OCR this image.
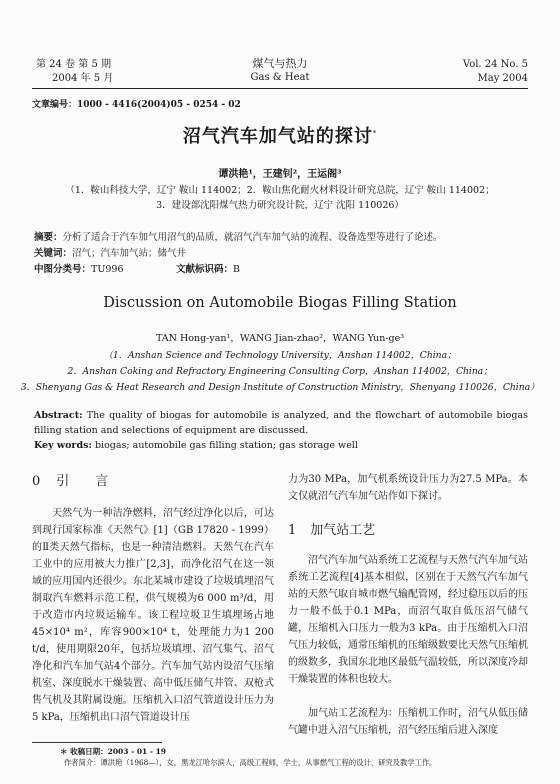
第 24 卷 第 5 期
2004 年 5 月
煤气与热力
Gas & Heat
Vol. 24 No. 5
May 2004
文章编号：1000 - 4416(2004)05 - 0254 - 02
沼气汽车加气站的探讨*
谭洪艳¹，王建钊²，王运阁³
（1．鞍山科技大学，辽宁 鞍山 114002；2．鞍山焦化耐火材料设计研究总院，辽宁 鞍山 114002；
3．建设部沈阳煤气热力研究设计院，辽宁 沈阳 110026）
摘要：分析了适合于汽车加气用沼气的品质，就沼气汽车加气站的流程、设备选型等进行了论述。
关键词：沼气；汽车加气站；储气井
中图分类号：TU996	文献标识码：B
Discussion on Automobile Biogas Filling Station
TAN Hong-yan¹，WANG Jian-zhao²，WANG Yun-ge³
（1．Anshan Science and Technology University，Anshan 114002，China；
2．Anshan Coking and Refractory Engineering Consulting Corp，Anshan 114002，China；
3．Shenyang Gas & Heat Research and Design Institute of Construction Ministry，Shenyang 110026，China）
Abstract: The quality of biogas for automobile is analyzed, and the flowchart of automobile biogas filling station and selections of equipment are discussed.
Key words: biogas; automobile gas filling station; gas storage well
0 引　　言

天然气为一种洁净燃料，沼气经过净化以后，可达到现行国家标准《天然气》[1]（GB 17820 - 1999）的Ⅱ类天然气指标，也是一种清洁燃料。天然气在汽车工业中的应用被大力推广[2,3]，而净化沼气在这一领域的应用国内还很少。东北某城市建设了垃圾填埋沼气制取汽车燃料示范工程，供气规模为6 000 m³/d，用于改造市内垃圾运输车。该工程垃圾卫生填埋场占地45×10⁴ m²，库容900×10⁴ t，处理能力为1 200 t/d，使用期限20年，包括垃圾填埋、沼气集气、沼气净化和汽车加气站4个部分。汽车加气站内设沼气压缩机室、深度脱水干燥装置、高中低压储气井管、双枪式售气机及其附属设施。压缩机入口沼气管道设计压力为5 kPa，压缩机出口沼气管道设计压

力为30 MPa，加气机系统设计压力为27.5 MPa。本文仅就沼气汽车加气站作如下探讨。

1 加气站工艺

沼气汽车加气站系统工艺流程与天然气汽车加气站系统工艺流程[4]基本相似，区别在于天然气汽车加气站的天然气取自城市燃气输配管网，经过稳压以后的压力一般不低于0.1 MPa，而沼气取自低压沼气储气罐，压缩机入口压力一般为3 kPa。由于压缩机入口沼气压力较低，通常压缩机的压缩级数要比天然气压缩机的级数多，我国东北地区最低气温较低，所以深度冷却干燥装置的体积也较大。

加气站工艺流程为：压缩机工作时，沼气从低压储气罐中进入沼气压缩机，沼气经压缩后进入深度

＊ 收稿日期：2003 - 01 - 19
作者简介：谭洪艳（1968—），女，黑龙江哈尔滨人，高级工程师，学士，从事燃气工程的设计、研究及教学工作。
